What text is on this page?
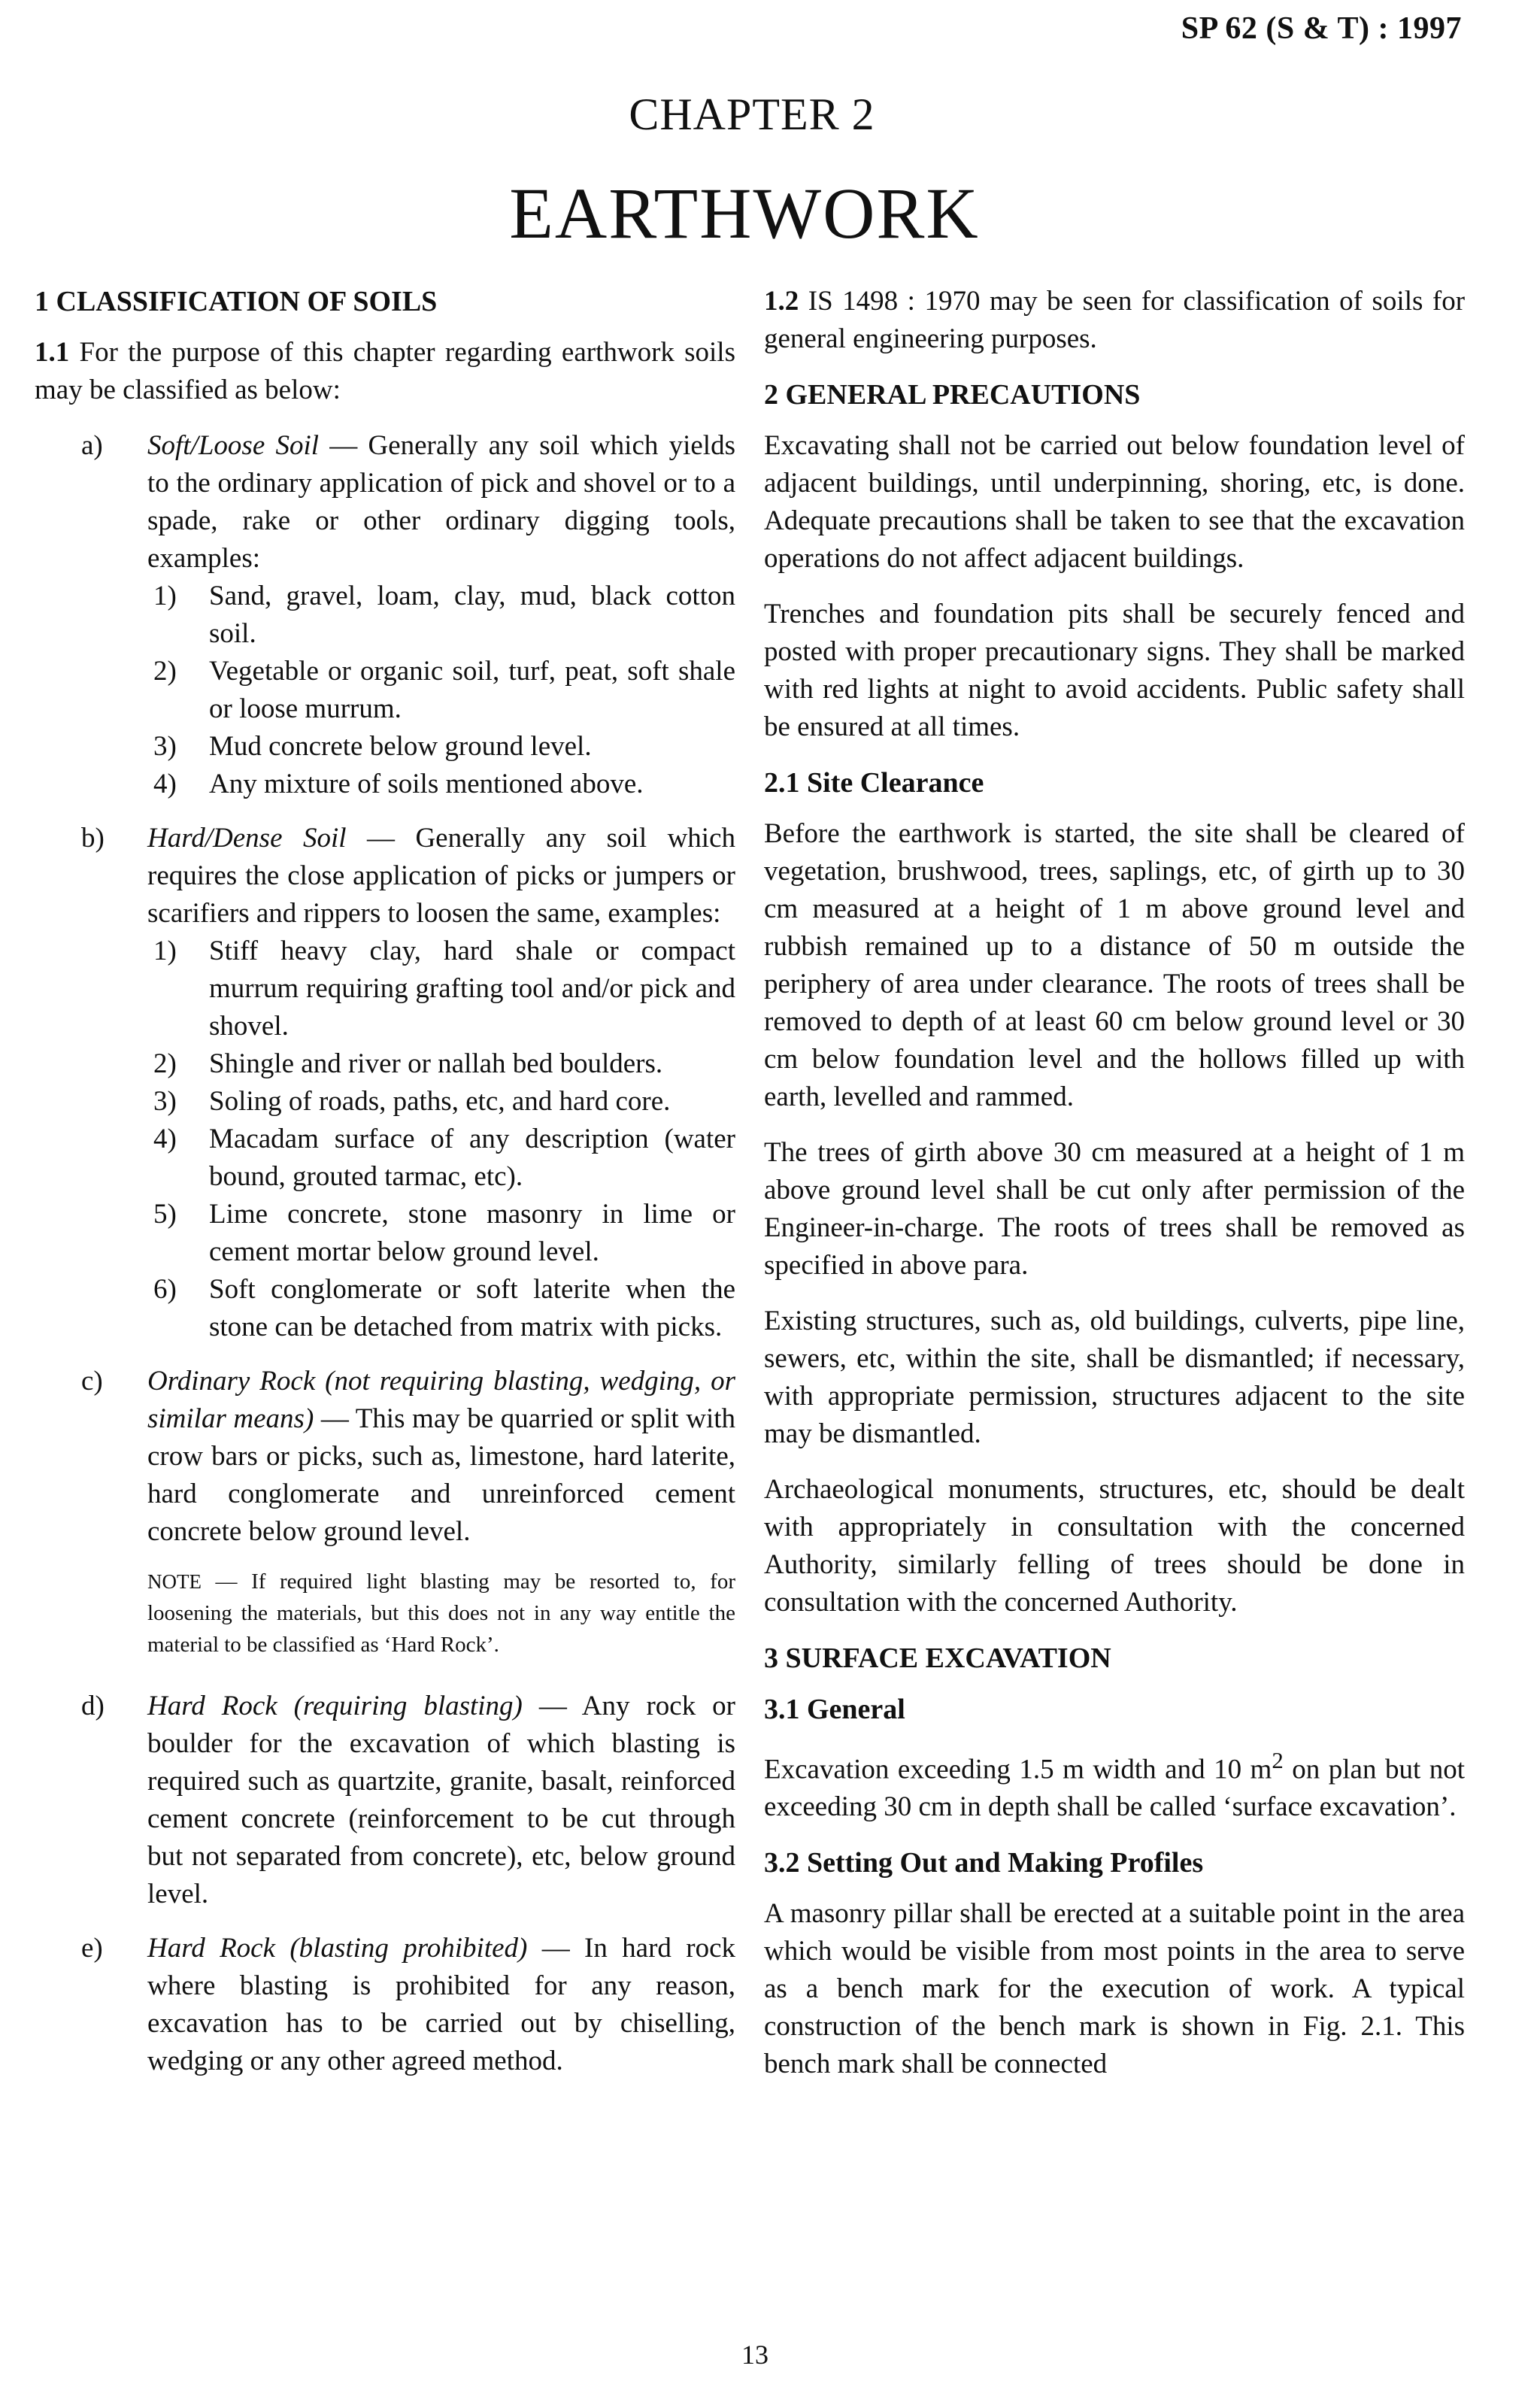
SP 62 (S & T) : 1997
CHAPTER 2
EARTHWORK
1 CLASSIFICATION OF SOILS

1.1 For the purpose of this chapter regarding earthwork soils may be classified as below:

a)	Soft/Loose Soil — Generally any soil which yields to the ordinary application of pick and shovel or to a spade, rake or other ordinary digging tools, examples:
1)	Sand, gravel, loam, clay, mud, black cotton soil.
2)	Vegetable or organic soil, turf, peat, soft shale or loose murrum.
3)	Mud concrete below ground level.
4)	Any mixture of soils mentioned above.
b)	Hard/Dense Soil — Generally any soil which requires the close application of picks or jumpers or scarifiers and rippers to loosen the same, examples:
1)	Stiff heavy clay, hard shale or compact murrum requiring grafting tool and/or pick and shovel.
2)	Shingle and river or nallah bed boulders.
3)	Soling of roads, paths, etc, and hard core.
4)	Macadam surface of any description (water bound, grouted tarmac, etc).
5)	Lime concrete, stone masonry in lime or cement mortar below ground level.
6)	Soft conglomerate or soft laterite when the stone can be detached from matrix with picks.
c)	Ordinary Rock (not requiring blasting, wedging, or similar means) — This may be quarried or split with crow bars or picks, such as, limestone, hard laterite, hard conglomerate and unreinforced cement concrete below ground level.
NOTE — If required light blasting may be resorted to, for loosening the materials, but this does not in any way entitle the material to be classified as ‘Hard Rock’.
d)	Hard Rock (requiring blasting) — Any rock or boulder for the excavation of which blasting is required such as quartzite, granite, basalt, reinforced cement concrete (reinforcement to be cut through but not separated from concrete), etc, below ground level.
e)	Hard Rock (blasting prohibited) — In hard rock where blasting is prohibited for any reason, excavation has to be carried out by chiselling, wedging or any other agreed method.

1.2 IS 1498 : 1970 may be seen for classification of soils for general engineering purposes.

2 GENERAL PRECAUTIONS

Excavating shall not be carried out below foundation level of adjacent buildings, until underpinning, shoring, etc, is done. Adequate precautions shall be taken to see that the excavation operations do not affect adjacent buildings.

Trenches and foundation pits shall be securely fenced and posted with proper precautionary signs. They shall be marked with red lights at night to avoid accidents. Public safety shall be ensured at all times.

2.1 Site Clearance

Before the earthwork is started, the site shall be cleared of vegetation, brushwood, trees, saplings, etc, of girth up to 30 cm measured at a height of 1 m above ground level and rubbish remained up to a distance of 50 m outside the periphery of area under clearance. The roots of trees shall be removed to depth of at least 60 cm below ground level or 30 cm below foundation level and the hollows filled up with earth, levelled and rammed.

The trees of girth above 30 cm measured at a height of 1 m above ground level shall be cut only after permission of the Engineer-in-charge. The roots of trees shall be removed as specified in above para.

Existing structures, such as, old buildings, culverts, pipe line, sewers, etc, within the site, shall be dismantled; if necessary, with appropriate permission, structures adjacent to the site may be dismantled.

Archaeological monuments, structures, etc, should be dealt with appropriately in consultation with the concerned Authority, similarly felling of trees should be done in consultation with the concerned Authority.

3 SURFACE EXCAVATION
3.1 General

Excavation exceeding 1.5 m width and 10 $m^2$ on plan but not exceeding 30 cm in depth shall be called ‘surface excavation’.

3.2 Setting Out and Making Profiles

A masonry pillar shall be erected at a suitable point in the area which would be visible from most points in the area to serve as a bench mark for the execution of work. A typical construction of the bench mark is shown in Fig. 2.1. This bench mark shall be connected

13
